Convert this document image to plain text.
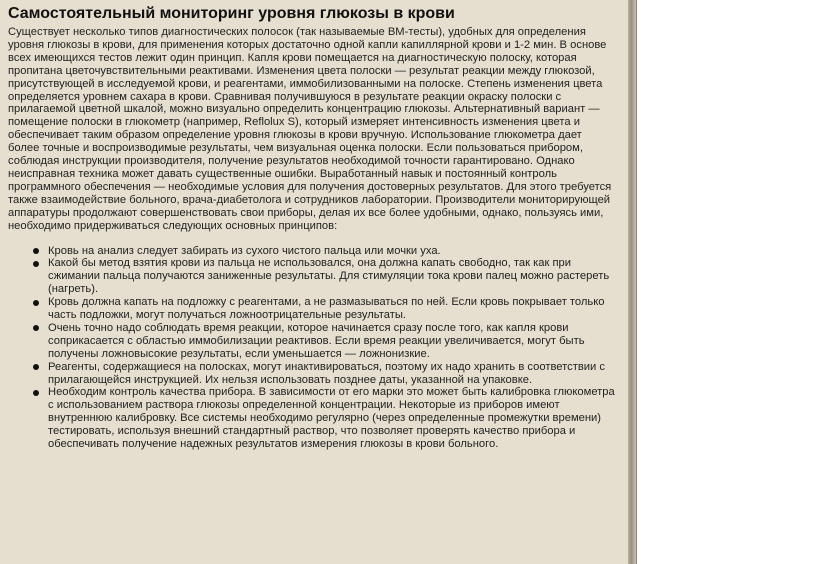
Самостоятельный мониторинг уровня глюкозы в крови

Существует несколько типов диагностических полосок (так называемые BM-тесты), удобных для определения уровня глюкозы в крови, для применения которых достаточно одной капли капиллярной крови и 1-2 мин. В основе всех имеющихся тестов лежит один принцип. Капля крови помещается на диагностическую полоску, которая пропитана цветочувствительными реактивами. Изменения цвета полоски — результат реакции между глюкозой, присутствующей в исследуемой крови, и реагентами, иммобилизованными на полоске. Степень изменения цвета определяется уровнем сахара в крови. Сравнивая получившуюся в результате реакции окраску полоски с прилагаемой цветной шкалой, можно визуально определить концентрацию глюкозы. Альтернативный вариант — помещение полоски в глюкометр (например, Reflolux S), который измеряет интенсивность изменения цвета и обеспечивает таким образом определение уровня глюкозы в крови вручную. Использование глюкометра дает более точные и воспроизводимые результаты, чем визуальная оценка полоски. Если пользоваться прибором, соблюдая инструкции производителя, получение результатов необходимой точности гарантировано. Однако неисправная техника может давать существенные ошибки. Выработанный навык и постоянный контроль программного обеспечения — необходимые условия для получения достоверных результатов. Для этого требуется также взаимодействие больного, врача-диабетолога и сотрудников лаборатории. Производители мониторирующей аппаратуры продолжают совершенствовать свои приборы, делая их все более удобными, однако, пользуясь ими, необходимо придерживаться следующих основных принципов:

Кровь на анализ следует забирать из сухого чистого пальца или мочки уха.
Какой бы метод взятия крови из пальца не использовался, она должна капать свободно, так как при сжимании пальца получаются заниженные результаты. Для стимуляции тока крови палец можно растереть (нагреть).
Кровь должна капать на подложку с реагентами, а не размазываться по ней. Если кровь покрывает только часть подложки, могут получаться ложноотрицательные результаты.
Очень точно надо соблюдать время реакции, которое начинается сразу после того, как капля крови соприкасается с областью иммобилизации реактивов. Если время реакции увеличивается, могут быть получены ложновысокие результаты, если уменьшается — ложнонизкие.
Реагенты, содержащиеся на полосках, могут инактивироваться, поэтому их надо хранить в соответствии с прилагающейся инструкцией. Их нельзя использовать позднее даты, указанной на упаковке.
Необходим контроль качества прибора. В зависимости от его марки это может быть калибровка глюкометра с использованием раствора глюкозы определенной концентрации. Некоторые из приборов имеют внутреннюю калибровку. Все системы необходимо регулярно (через определенные промежутки времени) тестировать, используя внешний стандартный раствор, что позволяет проверять качество прибора и обеспечивать получение надежных результатов измерения глюкозы в крови больного.
